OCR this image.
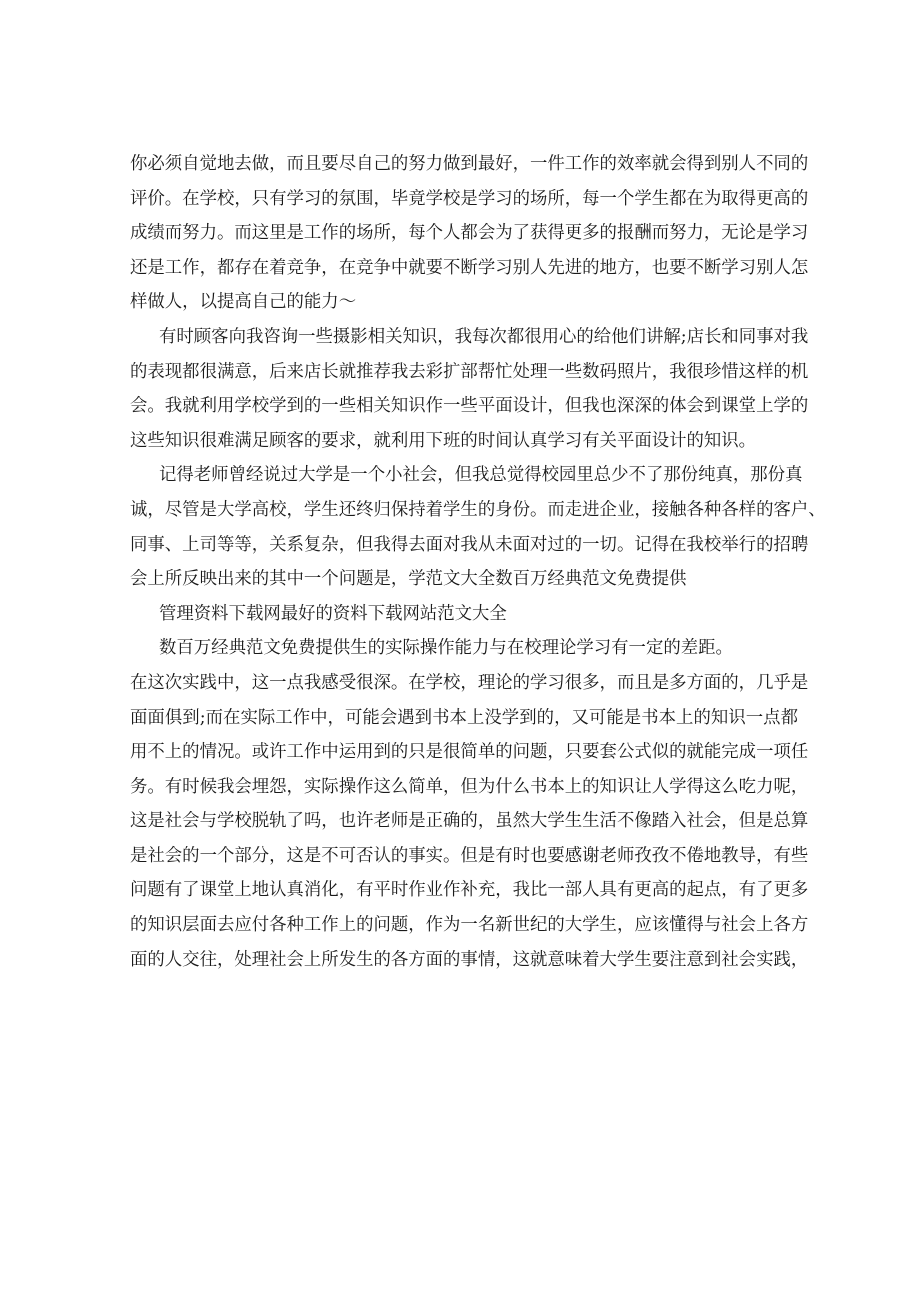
你必须自觉地去做，而且要尽自己的努力做到最好，一件工作的效率就会得到别人不同的
评价。在学校，只有学习的氛围，毕竟学校是学习的场所，每一个学生都在为取得更高的
成绩而努力。而这里是工作的场所，每个人都会为了获得更多的报酬而努力，无论是学习
还是工作，都存在着竞争，在竞争中就要不断学习别人先进的地方，也要不断学习别人怎
样做人，以提高自己的能力～
有时顾客向我咨询一些摄影相关知识，我每次都很用心的给他们讲解;店长和同事对我
的表现都很满意，后来店长就推荐我去彩扩部帮忙处理一些数码照片，我很珍惜这样的机
会。我就利用学校学到的一些相关知识作一些平面设计，但我也深深的体会到课堂上学的
这些知识很难满足顾客的要求，就利用下班的时间认真学习有关平面设计的知识。
记得老师曾经说过大学是一个小社会，但我总觉得校园里总少不了那份纯真，那份真
诚，尽管是大学高校，学生还终归保持着学生的身份。而走进企业，接触各种各样的客户、
同事、上司等等，关系复杂，但我得去面对我从未面对过的一切。记得在我校举行的招聘
会上所反映出来的其中一个问题是，学范文大全数百万经典范文免费提供
管理资料下载网最好的资料下载网站范文大全
数百万经典范文免费提供生的实际操作能力与在校理论学习有一定的差距。
在这次实践中，这一点我感受很深。在学校，理论的学习很多，而且是多方面的，几乎是
面面俱到;而在实际工作中，可能会遇到书本上没学到的，又可能是书本上的知识一点都
用不上的情况。或许工作中运用到的只是很简单的问题，只要套公式似的就能完成一项任
务。有时候我会埋怨，实际操作这么简单，但为什么书本上的知识让人学得这么吃力呢，
这是社会与学校脱轨了吗，也许老师是正确的，虽然大学生生活不像踏入社会，但是总算
是社会的一个部分，这是不可否认的事实。但是有时也要感谢老师孜孜不倦地教导，有些
问题有了课堂上地认真消化，有平时作业作补充，我比一部人具有更高的起点，有了更多
的知识层面去应付各种工作上的问题，作为一名新世纪的大学生，应该懂得与社会上各方
面的人交往，处理社会上所发生的各方面的事情，这就意味着大学生要注意到社会实践，
